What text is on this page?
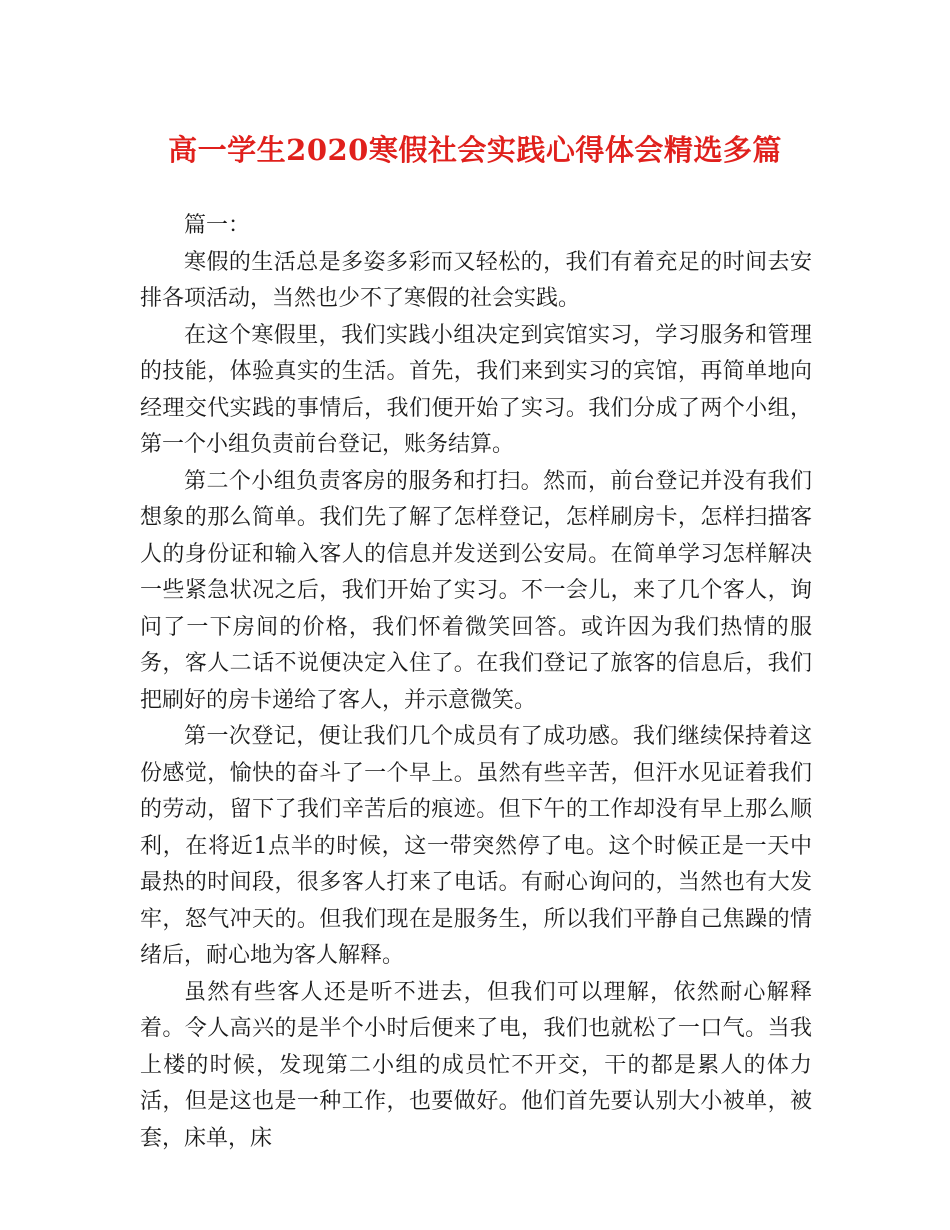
高一学生2020寒假社会实践心得体会精选多篇

篇一：

寒假的生活总是多姿多彩而又轻松的，我们有着充足的时间去安排各项活动，当然也少不了寒假的社会实践。

在这个寒假里，我们实践小组决定到宾馆实习，学习服务和管理的技能，体验真实的生活。首先，我们来到实习的宾馆，再简单地向经理交代实践的事情后，我们便开始了实习。我们分成了两个小组，第一个小组负责前台登记，账务结算。

第二个小组负责客房的服务和打扫。然而，前台登记并没有我们想象的那么简单。我们先了解了怎样登记，怎样刷房卡，怎样扫描客人的身份证和输入客人的信息并发送到公安局。在简单学习怎样解决一些紧急状况之后，我们开始了实习。不一会儿，来了几个客人，询问了一下房间的价格，我们怀着微笑回答。或许因为我们热情的服务，客人二话不说便决定入住了。在我们登记了旅客的信息后，我们把刷好的房卡递给了客人，并示意微笑。

第一次登记，便让我们几个成员有了成功感。我们继续保持着这份感觉，愉快的奋斗了一个早上。虽然有些辛苦，但汗水见证着我们的劳动，留下了我们辛苦后的痕迹。但下午的工作却没有早上那么顺利，在将近1点半的时候，这一带突然停了电。这个时候正是一天中最热的时间段，很多客人打来了电话。有耐心询问的，当然也有大发牢，怒气冲天的。但我们现在是服务生，所以我们平静自己焦躁的情绪后，耐心地为客人解释。

虽然有些客人还是听不进去，但我们可以理解，依然耐心解释着。令人高兴的是半个小时后便来了电，我们也就松了一口气。当我上楼的时候，发现第二小组的成员忙不开交，干的都是累人的体力活，但是这也是一种工作，也要做好。他们首先要认别大小被单，被套，床单，床
